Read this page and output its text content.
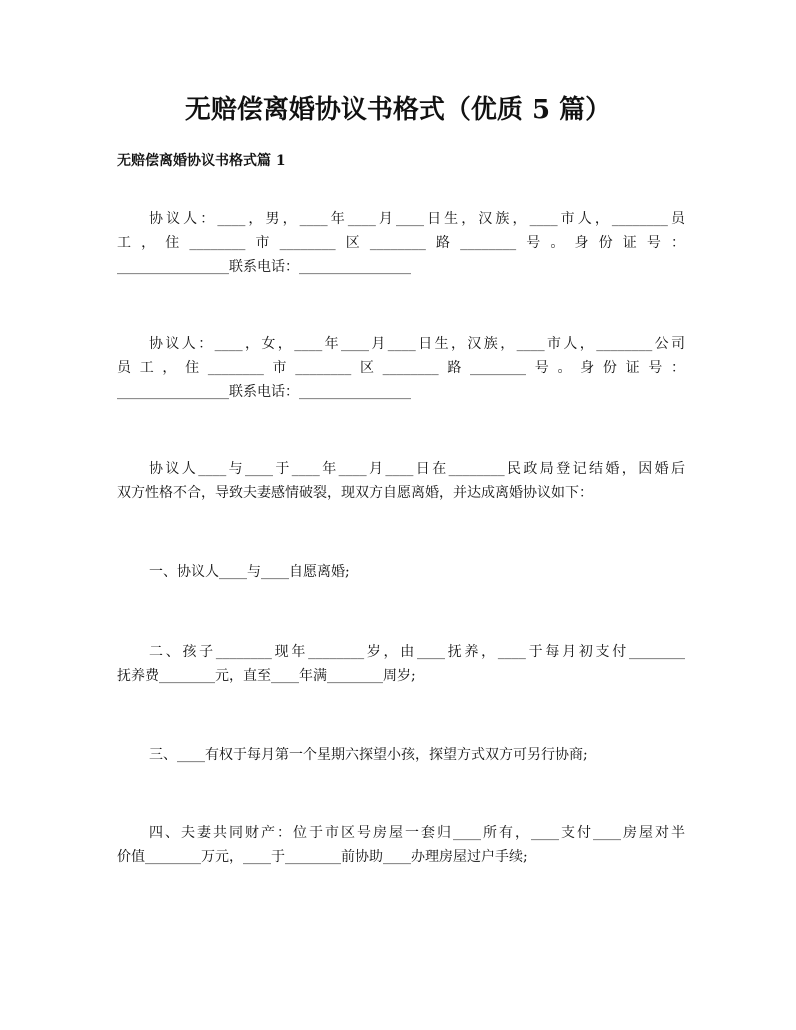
无赔偿离婚协议书格式（优质 5 篇）
无赔偿离婚协议书格式篇 1
协议人：____，男，____年____月____日生，汉族，____市人，________员
工，住________市________区________路________号。身份证号：
________________联系电话：________________
协议人：____，女，____年____月____日生，汉族，____市人，________公司
员工，住________市________区________路________号。身份证号：
________________联系电话：________________
协议人____与____于____年____月____日在________民政局登记结婚，因婚后
双方性格不合，导致夫妻感情破裂，现双方自愿离婚，并达成离婚协议如下：
一、协议人____与____自愿离婚;
二、孩子________现年________岁，由____抚养，____于每月初支付________
抚养费________元，直至____年满________周岁;
三、____有权于每月第一个星期六探望小孩，探望方式双方可另行协商;
四、夫妻共同财产：位于市区号房屋一套归____所有，____支付____房屋对半
价值________万元，____于________前协助____办理房屋过户手续;
